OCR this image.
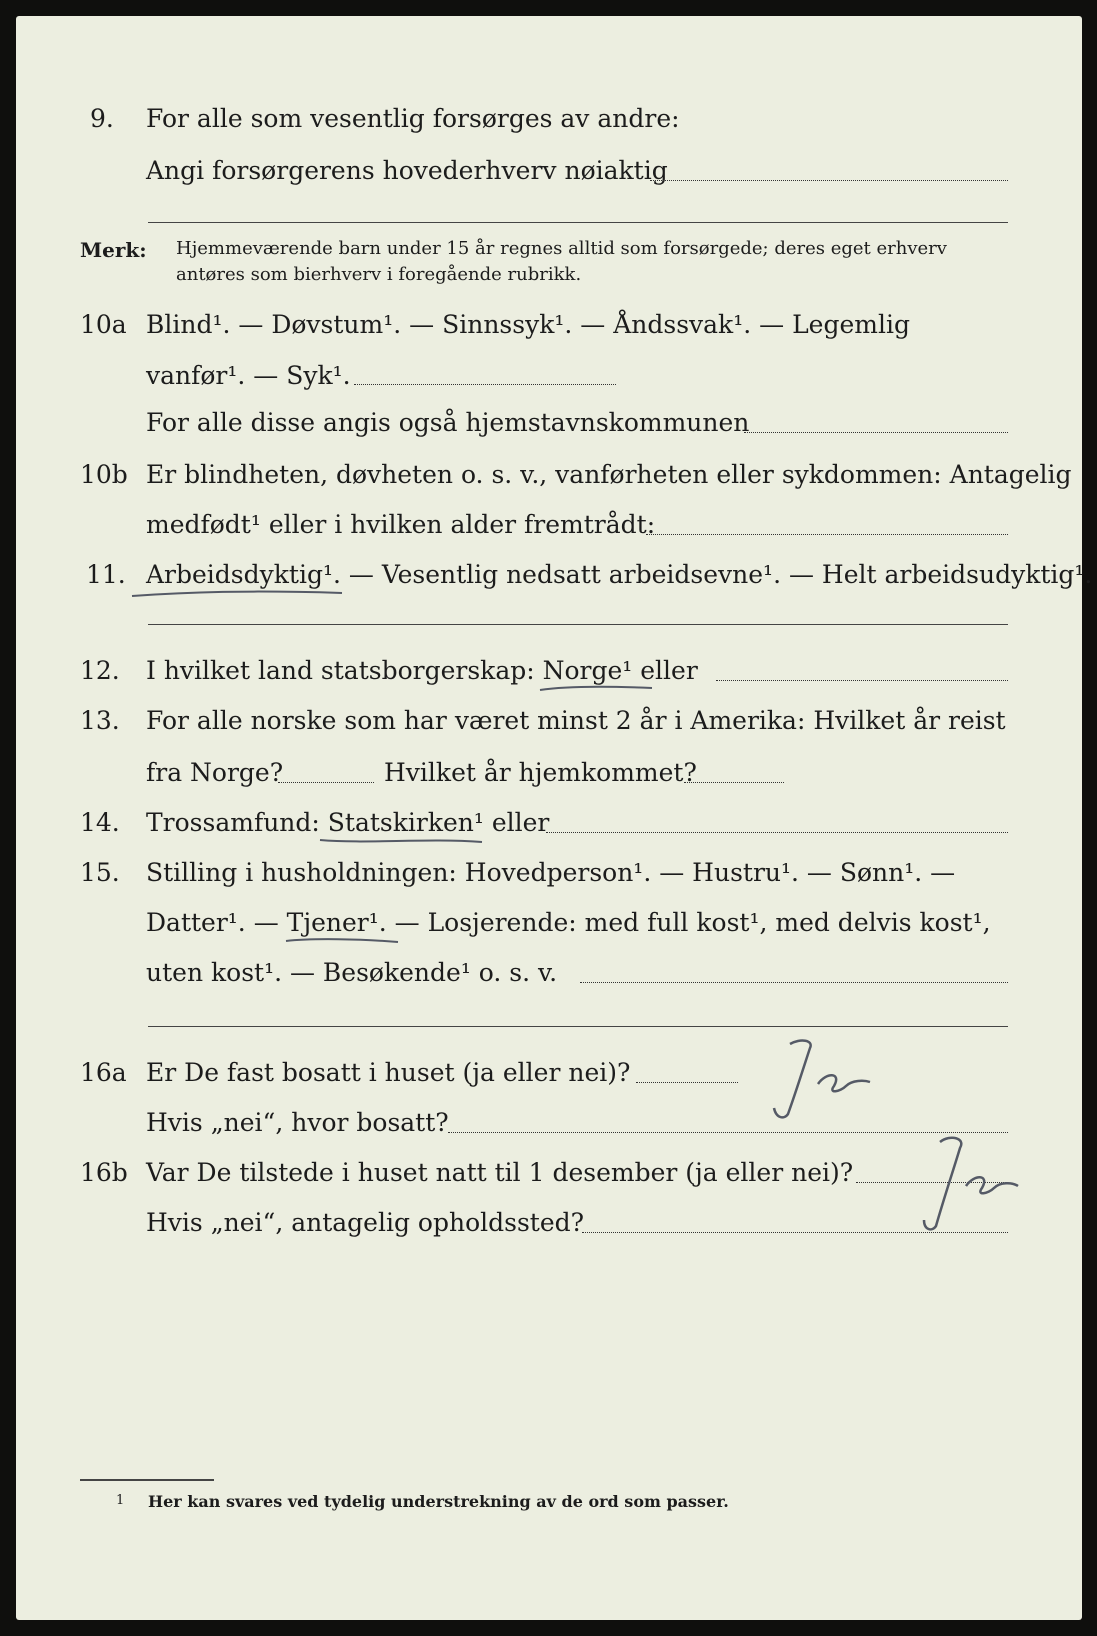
9. For alle som vesentlig forsørges av andre:
Angi forsørgerens hovederhverv nøiaktig
Merk: Hjemmeværende barn under 15 år regnes alltid som forsørgede; deres eget erhverv
antøres som bierhverv i foregående rubrikk.
10a Blind¹. — Døvstum¹. — Sinnssyk¹. — Åndssvak¹. — Legemlig
vanfør¹. — Syk¹.
For alle disse angis også hjemstavnskommunen
10b Er blindheten, døvheten o. s. v., vanførheten eller sykdommen: Antagelig
medfødt¹ eller i hvilken alder fremtrådt:
11. Arbeidsdyktig¹. — Vesentlig nedsatt arbeidsevne¹. — Helt arbeidsudyktig¹.
12. I hvilket land statsborgerskap: Norge¹ eller
13. For alle norske som har været minst 2 år i Amerika: Hvilket år reist
fra Norge?	Hvilket år hjemkommet?
14. Trossamfund: Statskirken¹ eller
15. Stilling i husholdningen: Hovedperson¹. — Hustru¹. — Sønn¹. —
Datter¹. — Tjener¹. — Losjerende: med full kost¹, med delvis kost¹,
uten kost¹. — Besøkende¹ o. s. v.
16a Er De fast bosatt i huset (ja eller nei)?
Hvis „nei“, hvor bosatt?
16b Var De tilstede i huset natt til 1 desember (ja eller nei)?
Hvis „nei“, antagelig opholdssted?
1 Her kan svares ved tydelig understrekning av de ord som passer.
